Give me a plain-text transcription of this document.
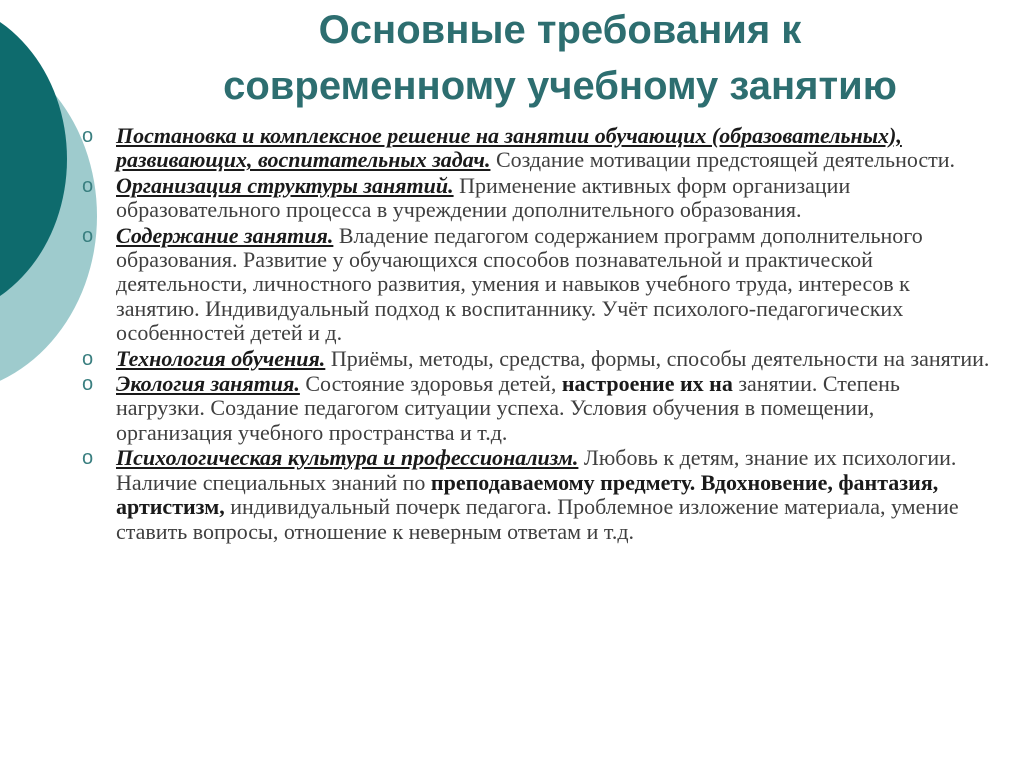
Основные требования к
современному учебному занятию
o Постановка и комплексное решение на занятии обучающих (образовательных), развивающих, воспитательных задач. Создание мотивации предстоящей деятельности.
o Организация структуры занятий. Применение активных форм организации образовательного процесса в учреждении дополнительного образования.
o Содержание занятия. Владение педагогом содержанием программ дополнительного образования. Развитие у обучающихся способов познавательной и практической деятельности, личностного развития, умения и навыков учебного труда, интересов к занятию. Индивидуальный подход к воспитаннику. Учёт психолого-педагогических особенностей детей и д.
o Технология обучения. Приёмы, методы, средства, формы, способы деятельности на занятии.
o Экология занятия. Состояние здоровья детей, настроение их на занятии. Степень нагрузки. Создание педагогом ситуации успеха. Условия обучения в помещении, организация учебного пространства и т.д.
o Психологическая культура и профессионализм. Любовь к детям, знание их психологии. Наличие специальных знаний по преподаваемому предмету. Вдохновение, фантазия, артистизм, индивидуальный почерк педагога. Проблемное изложение материала, умение ставить вопросы, отношение к неверным ответам и т.д.
